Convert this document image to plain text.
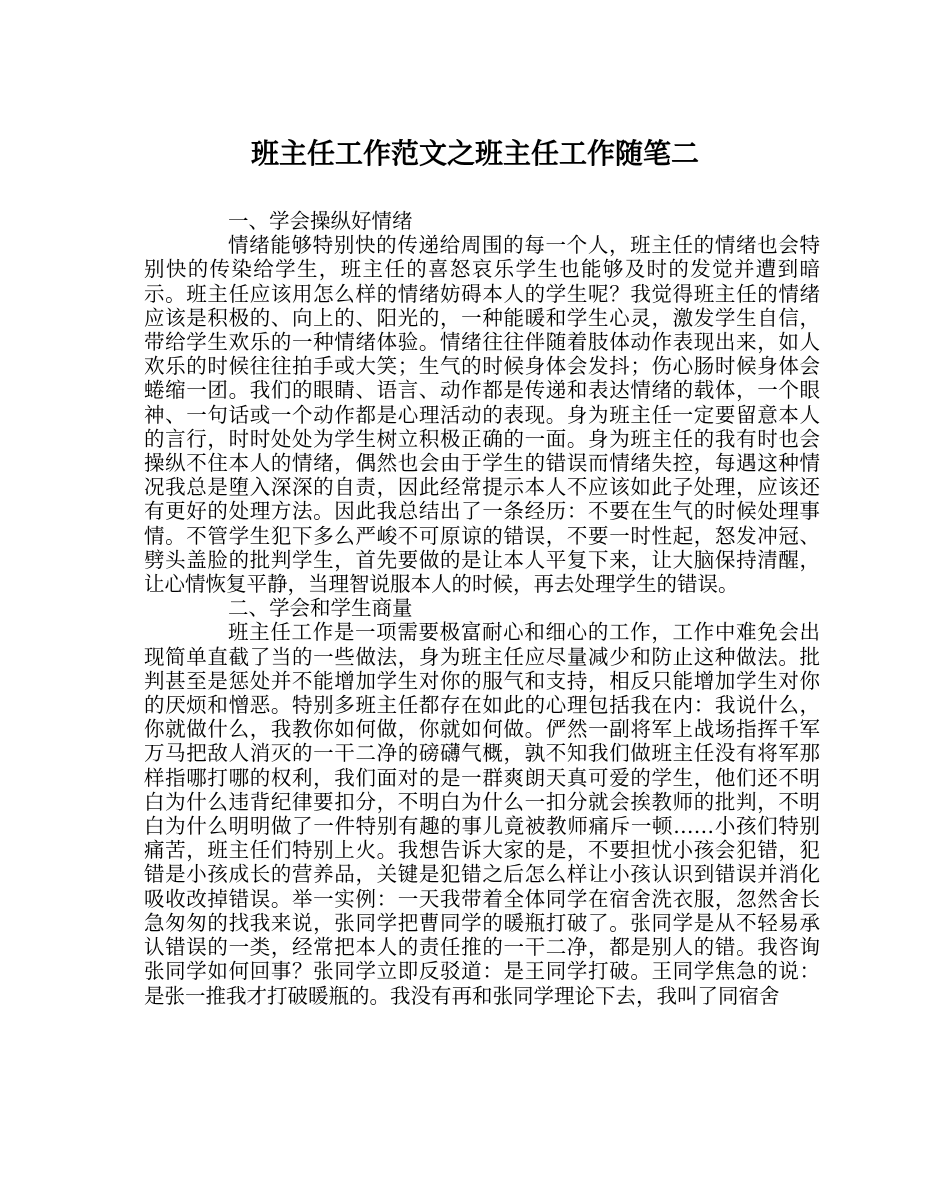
班主任工作范文之班主任工作随笔二

一、学会操纵好情绪

情绪能够特别快的传递给周围的每一个人，班主任的情绪也会特别快的传染给学生，班主任的喜怒哀乐学生也能够及时的发觉并遭到暗示。班主任应该用怎么样的情绪妨碍本人的学生呢？我觉得班主任的情绪应该是积极的、向上的、阳光的，一种能暖和学生心灵，激发学生自信，带给学生欢乐的一种情绪体验。情绪往往伴随着肢体动作表现出来，如人欢乐的时候往往拍手或大笑；生气的时候身体会发抖；伤心肠时候身体会蜷缩一团。我们的眼睛、语言、动作都是传递和表达情绪的载体，一个眼神、一句话或一个动作都是心理活动的表现。身为班主任一定要留意本人的言行，时时处处为学生树立积极正确的一面。身为班主任的我有时也会操纵不住本人的情绪，偶然也会由于学生的错误而情绪失控，每遇这种情况我总是堕入深深的自责，因此经常提示本人不应该如此子处理，应该还有更好的处理方法。因此我总结出了一条经历：不要在生气的时候处理事情。不管学生犯下多么严峻不可原谅的错误，不要一时性起，怒发冲冠、劈头盖脸的批判学生，首先要做的是让本人平复下来，让大脑保持清醒，让心情恢复平静，当理智说服本人的时候，再去处理学生的错误。

二、学会和学生商量

班主任工作是一项需要极富耐心和细心的工作，工作中难免会出现简单直截了当的一些做法，身为班主任应尽量减少和防止这种做法。批判甚至是惩处并不能增加学生对你的服气和支持，相反只能增加学生对你的厌烦和憎恶。特别多班主任都存在如此的心理包括我在内：我说什么，你就做什么，我教你如何做，你就如何做。俨然一副将军上战场指挥千军万马把敌人消灭的一干二净的磅礴气概，孰不知我们做班主任没有将军那样指哪打哪的权利，我们面对的是一群爽朗天真可爱的学生，他们还不明白为什么违背纪律要扣分，不明白为什么一扣分就会挨教师的批判，不明白为什么明明做了一件特别有趣的事儿竟被教师痛斥一顿……小孩们特别痛苦，班主任们特别上火。我想告诉大家的是，不要担忧小孩会犯错，犯错是小孩成长的营养品，关键是犯错之后怎么样让小孩认识到错误并消化吸收改掉错误。举一实例：一天我带着全体同学在宿舍洗衣服，忽然舍长急匆匆的找我来说，张同学把曹同学的暖瓶打破了。张同学是从不轻易承认错误的一类，经常把本人的责任推的一干二净，都是别人的错。我咨询张同学如何回事？张同学立即反驳道：是王同学打破。王同学焦急的说：是张一推我才打破暖瓶的。我没有再和张同学理论下去，我叫了同宿舍
